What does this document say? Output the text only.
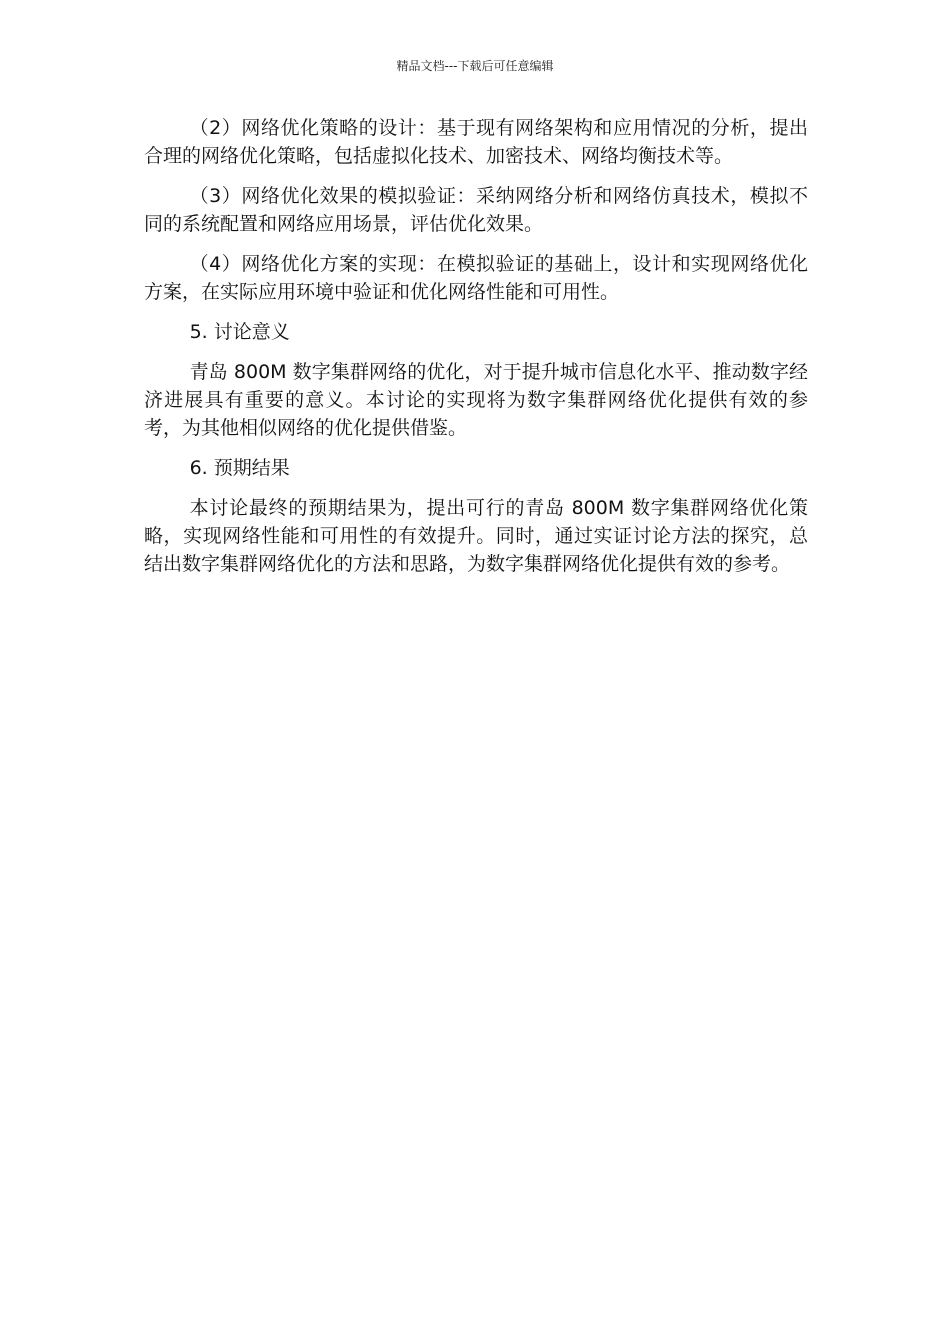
精品文档---下载后可任意编辑

（2）网络优化策略的设计：基于现有网络架构和应用情况的分析，提出合理的网络优化策略，包括虚拟化技术、加密技术、网络均衡技术等。

（3）网络优化效果的模拟验证：采纳网络分析和网络仿真技术，模拟不同的系统配置和网络应用场景，评估优化效果。

（4）网络优化方案的实现：在模拟验证的基础上，设计和实现网络优化方案，在实际应用环境中验证和优化网络性能和可用性。

5. 讨论意义

青岛 800M 数字集群网络的优化，对于提升城市信息化水平、推动数字经济进展具有重要的意义。本讨论的实现将为数字集群网络优化提供有效的参考，为其他相似网络的优化提供借鉴。

6. 预期结果

本讨论最终的预期结果为，提出可行的青岛 800M 数字集群网络优化策略，实现网络性能和可用性的有效提升。同时，通过实证讨论方法的探究，总结出数字集群网络优化的方法和思路，为数字集群网络优化提供有效的参考。
